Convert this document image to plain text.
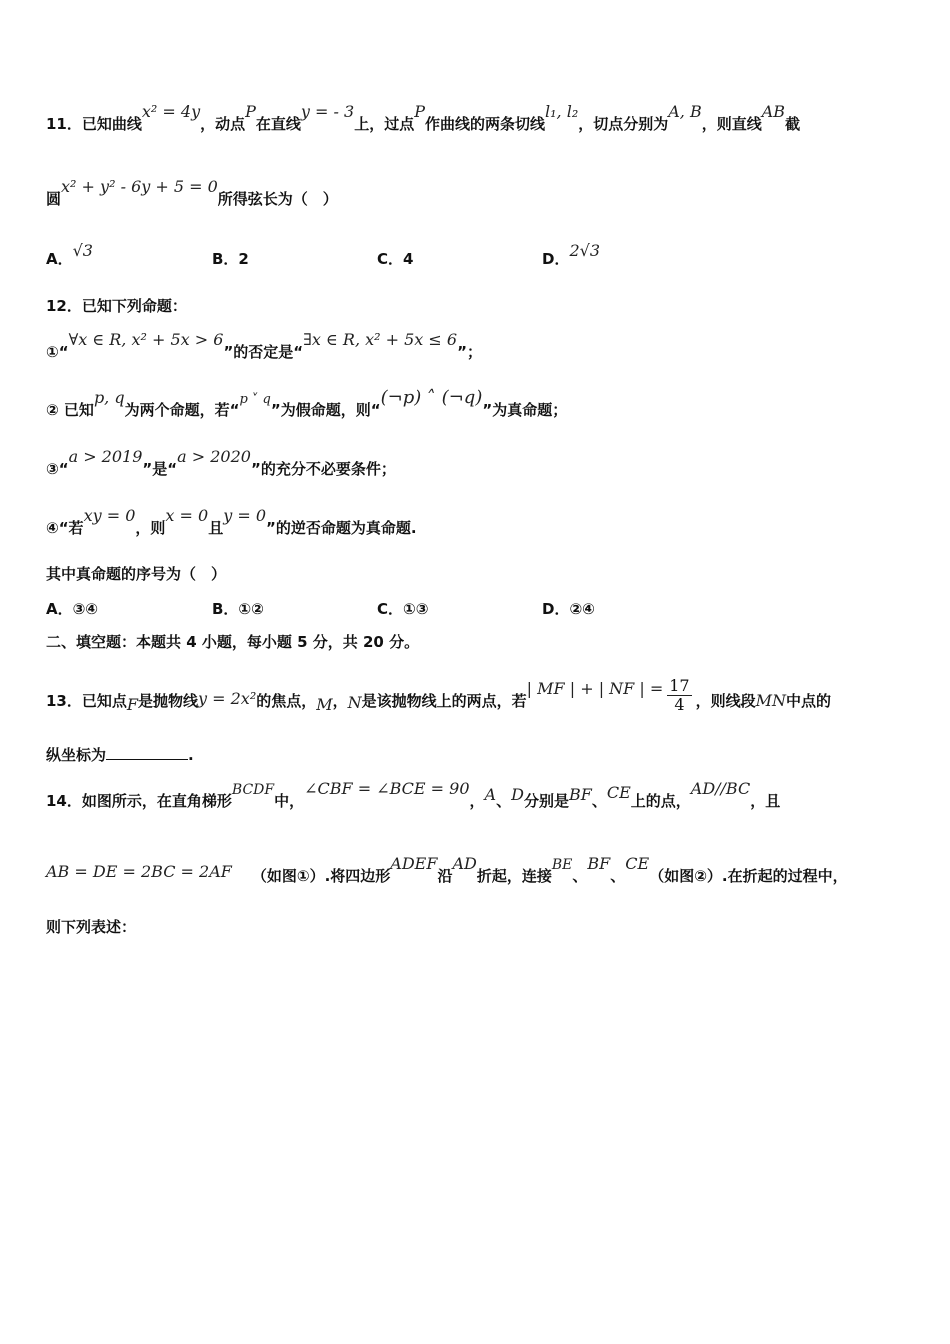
11．已知曲线x² = 4y，动点P在直线y = - 3上，过点P作曲线的两条切线l₁, l₂，切点分别为A, B，则直线AB截
圆x² + y² - 6y + 5 = 0所得弦长为（　）
A．√3	B．2	C．4	D．2√3
12．已知下列命题：
①“∀x ∈ R, x² + 5x > 6”的否定是“∃x ∈ R, x² + 5x ≤ 6”；
② 已知p, q为两个命题，若“p ˅ q”为假命题，则“(¬p) ˄ (¬q)”为真命题；
③“a > 2019”是“a > 2020”的充分不必要条件；
④“若xy = 0，则x = 0且y = 0”的逆否命题为真命题.
其中真命题的序号为（　）
A．③④	B．①②	C．①③	D．②④
二、填空题：本题共 4 小题，每小题 5 分，共 20 分。
13．已知点F是抛物线y = 2x²的焦点，M，N是该抛物线上的两点，若| MF | + | NF | = $\frac{17}{4}$ ，则线段MN中点的
纵坐标为	.
14．如图所示，在直角梯形BCDF中，∠CBF = ∠BCE = 90，A、D分别是BF、CE上的点，AD//BC，且
AB = DE = 2BC = 2AF （如图①）.将四边形ADEF沿AD折起，连接BE、BF、CE（如图②）.在折起的过程中，
则下列表述：
